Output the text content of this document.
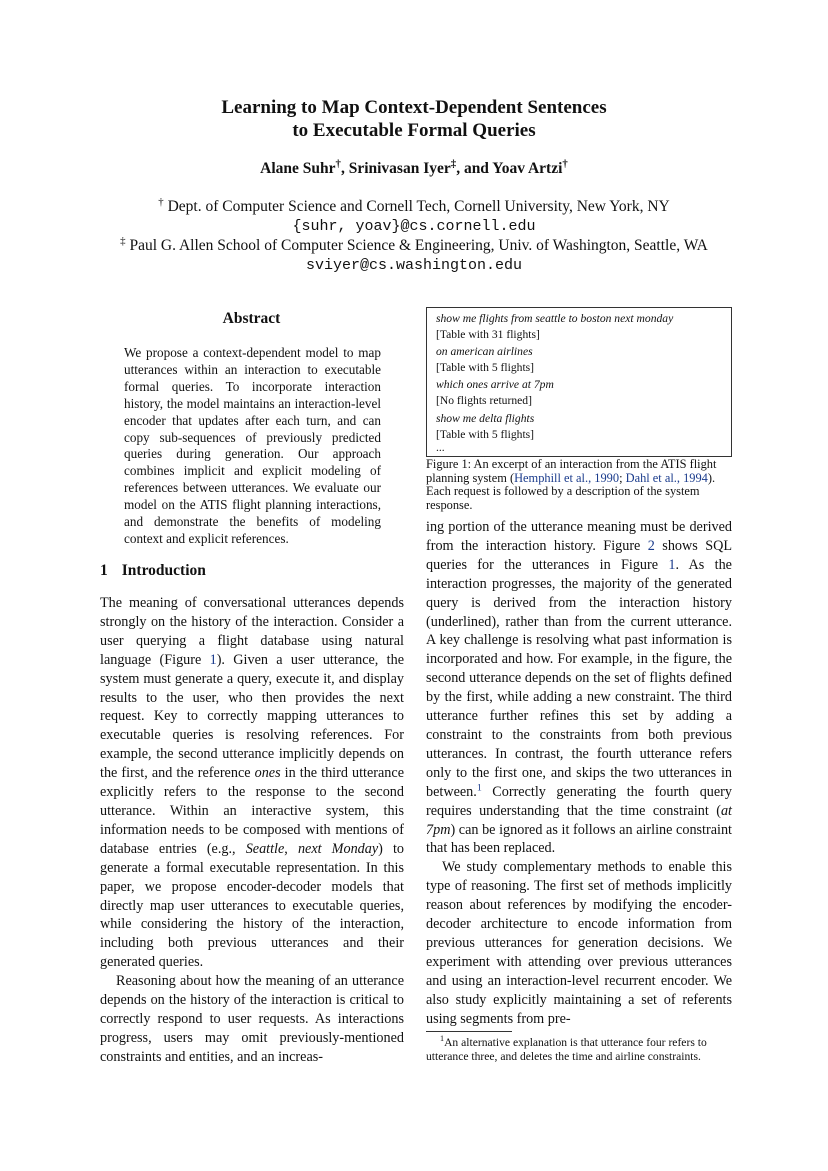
Learning to Map Context-Dependent Sentences
to Executable Formal Queries
Alane Suhr†, Srinivasan Iyer‡, and Yoav Artzi†
† Dept. of Computer Science and Cornell Tech, Cornell University, New York, NY
{suhr, yoav}@cs.cornell.edu
‡ Paul G. Allen School of Computer Science & Engineering, Univ. of Washington, Seattle, WA
sviyer@cs.washington.edu
Abstract

We propose a context-dependent model to map utterances within an interaction to executable formal queries. To incorporate interaction history, the model maintains an interaction-level encoder that updates after each turn, and can copy sub-sequences of previously predicted queries during generation. Our approach combines implicit and explicit modeling of references between utterances. We evaluate our model on the ATIS flight planning interactions, and demonstrate the benefits of modeling context and explicit references.

1 Introduction

The meaning of conversational utterances depends strongly on the history of the interaction. Consider a user querying a flight database using natural language (Figure 1). Given a user utterance, the system must generate a query, execute it, and display results to the user, who then provides the next request. Key to correctly mapping utterances to executable queries is resolving references. For example, the second utterance implicitly depends on the first, and the reference ones in the third utterance explicitly refers to the response to the second utterance. Within an interactive system, this information needs to be composed with mentions of database entries (e.g., Seattle, next Monday) to generate a formal executable representation. In this paper, we propose encoder-decoder models that directly map user utterances to executable queries, while considering the history of the interaction, including both previous utterances and their generated queries.

Reasoning about how the meaning of an utterance depends on the history of the interaction is critical to correctly respond to user requests. As interactions progress, users may omit previously-mentioned constraints and entities, and an increas-

show me flights from seattle to boston next monday
[Table with 31 flights]
on american airlines
[Table with 5 flights]
which ones arrive at 7pm
[No flights returned]
show me delta flights
[Table with 5 flights]
...

Figure 1: An excerpt of an interaction from the ATIS flight planning system (Hemphill et al., 1990; Dahl et al., 1994). Each request is followed by a description of the system response.

ing portion of the utterance meaning must be derived from the interaction history. Figure 2 shows SQL queries for the utterances in Figure 1. As the interaction progresses, the majority of the generated query is derived from the interaction history (underlined), rather than from the current utterance. A key challenge is resolving what past information is incorporated and how. For example, in the figure, the second utterance depends on the set of flights defined by the first, while adding a new constraint. The third utterance further refines this set by adding a constraint to the constraints from both previous utterances. In contrast, the fourth utterance refers only to the first one, and skips the two utterances in between.$^1$ Correctly generating the fourth query requires understanding that the time constraint (at 7pm) can be ignored as it follows an airline constraint that has been replaced.

We study complementary methods to enable this type of reasoning. The first set of methods implicitly reason about references by modifying the encoder-decoder architecture to encode information from previous utterances for generation decisions. We experiment with attending over previous utterances and using an interaction-level recurrent encoder. We also study explicitly maintaining a set of referents using segments from pre-

$^1$An alternative explanation is that utterance four refers to utterance three, and deletes the time and airline constraints.
